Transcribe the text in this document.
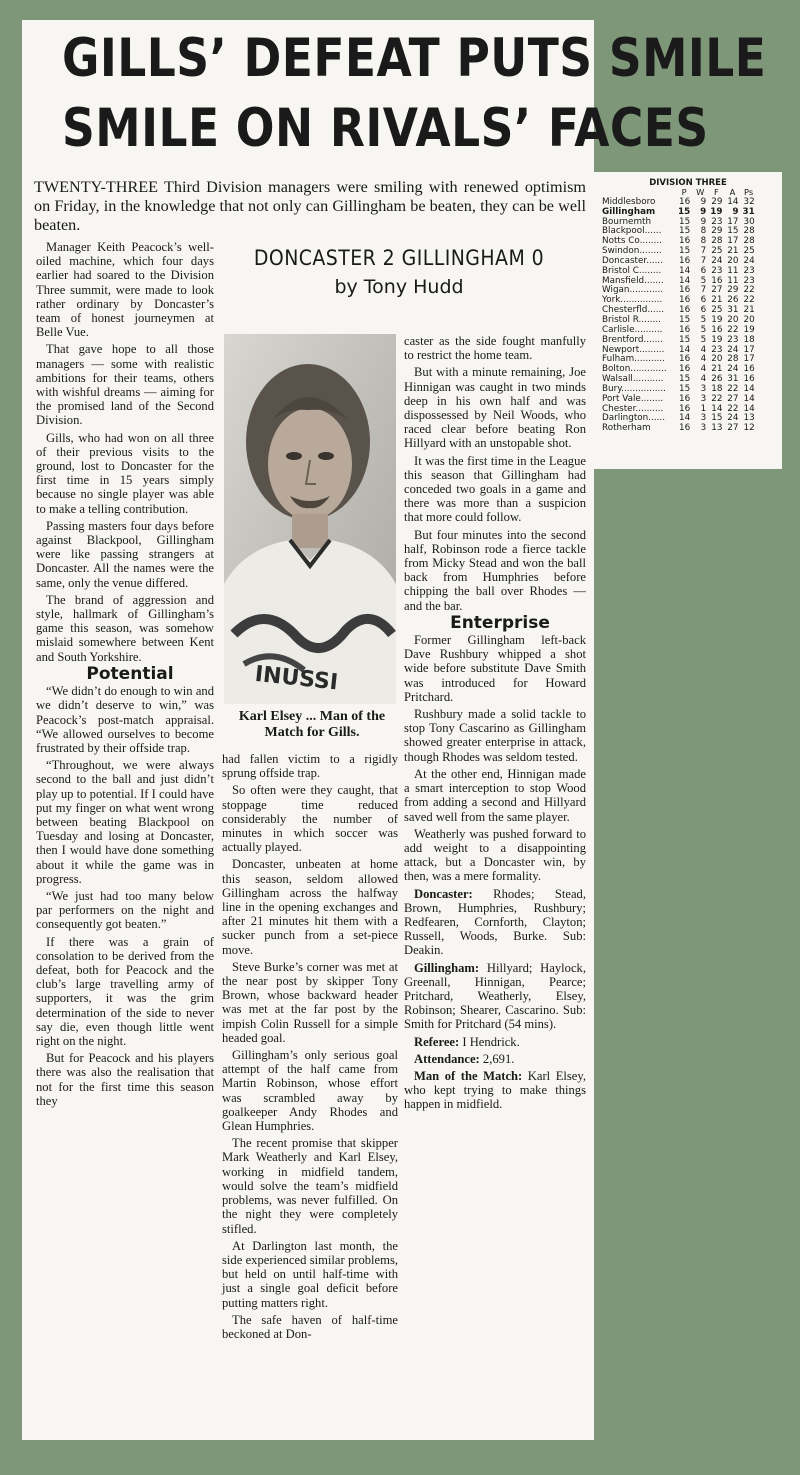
GILLS’ DEFEAT PUTS SMILE
SMILE ON RIVALS’ FACES
TWENTY-THREE Third Division managers were smiling with renewed optimism on Friday, in the knowledge that not only can Gillingham be beaten, they can be well beaten.
DONCASTER 2 GILLINGHAM 0
by Tony Hudd
INUSSI
Karl Elsey ... Man of the Match for Gills.

Manager Keith Peacock’s well-oiled machine, which four days earlier had soared to the Division Three summit, were made to look rather ordinary by Doncaster’s team of honest journeymen at Belle Vue.

That gave hope to all those managers — some with realistic ambitions for their teams, others with wishful dreams — aiming for the promised land of the Second Division.

Gills, who had won on all three of their previous visits to the ground, lost to Doncaster for the first time in 15 years simply because no single player was able to make a telling contribution.

Passing masters four days before against Blackpool, Gillingham were like passing strangers at Doncaster. All the names were the same, only the venue differed.

The brand of aggression and style, hallmark of Gillingham’s game this season, was somehow mislaid somewhere between Kent and South Yorkshire.

Potential

“We didn’t do enough to win and we didn’t deserve to win,” was Peacock’s post-match appraisal. “We allowed ourselves to become frustrated by their offside trap.

“Throughout, we were always second to the ball and just didn’t play up to potential. If I could have put my finger on what went wrong between beating Blackpool on Tuesday and losing at Doncaster, then I would have done something about it while the game was in progress.

“We just had too many below par performers on the night and consequently got beaten.”

If there was a grain of consolation to be derived from the defeat, both for Peacock and the club’s large travelling army of supporters, it was the grim determination of the side to never say die, even though little went right on the night.

But for Peacock and his players there was also the realisation that not for the first time this season they

had fallen victim to a rigidly sprung offside trap.

So often were they caught, that stoppage time reduced considerably the number of minutes in which soccer was actually played.

Doncaster, unbeaten at home this season, seldom allowed Gillingham across the halfway line in the opening exchanges and after 21 minutes hit them with a sucker punch from a set-piece move.

Steve Burke’s corner was met at the near post by skipper Tony Brown, whose backward header was met at the far post by the impish Colin Russell for a simple headed goal.

Gillingham’s only serious goal attempt of the half came from Martin Robinson, whose effort was scrambled away by goalkeeper Andy Rhodes and Glean Humphries.

The recent promise that skipper Mark Weatherly and Karl Elsey, working in midfield tandem, would solve the team’s midfield problems, was never fulfilled. On the night they were completely stifled.

At Darlington last month, the side experienced similar problems, but held on until half-time with just a single goal deficit before putting matters right.

The safe haven of half-time beckoned at Don-

caster as the side fought manfully to restrict the home team.

But with a minute remaining, Joe Hinnigan was caught in two minds deep in his own half and was dispossessed by Neil Woods, who raced clear before beating Ron Hillyard with an unstopable shot.

It was the first time in the League this season that Gillingham had conceded two goals in a game and there was more than a suspicion that more could follow.

But four minutes into the second half, Robinson rode a fierce tackle from Micky Stead and won the ball back from Humphries before chipping the ball over Rhodes — and the bar.

Enterprise

Former Gillingham left-back Dave Rushbury whipped a shot wide before substitute Dave Smith was introduced for Howard Pritchard.

Rushbury made a solid tackle to stop Tony Cascarino as Gillingham showed greater enterprise in attack, though Rhodes was seldom tested.

At the other end, Hinnigan made a smart interception to stop Wood from adding a second and Hillyard saved well from the same player.

Weatherly was pushed forward to add weight to a disappointing attack, but a Doncaster win, by then, was a mere formality.

Doncaster: Rhodes; Stead, Brown, Humphries, Rushbury; Redfearen, Cornforth, Clayton; Russell, Woods, Burke. Sub: Deakin.

Gillingham: Hillyard; Haylock, Greenall, Hinnigan, Pearce; Pritchard, Weatherly, Elsey, Robinson; Shearer, Cascarino. Sub: Smith for Pritchard (54 mins).

Referee: I Hendrick.

Attendance: 2,691.

Man of the Match: Karl Elsey, who kept trying to make things happen in midfield.

DIVISION THREE
	P	W	F	A	Ps
Middlesboro	16	9	29	14	32
Gillingham	15	9	19	9	31
Bournemth	15	9	23	17	30
Blackpool......	15	8	29	15	28
Notts Co........	16	8	28	17	28
Swindon........	15	7	25	21	25
Doncaster......	16	7	24	20	24
Bristol C........	14	6	23	11	23
Mansfield.......	14	5	16	11	23
Wigan............	16	7	27	29	22
York...............	16	6	21	26	22
Chesterfld......	16	6	25	31	21
Bristol R........	15	5	19	20	20
Carlisle..........	16	5	16	22	19
Brentford.......	15	5	19	23	18
Newport.........	14	4	23	24	17
Fulham...........	16	4	20	28	17
Bolton.............	16	4	21	24	16
Walsall...........	15	4	26	31	16
Bury................	15	3	18	22	14
Port Vale........	16	3	22	27	14
Chester..........	16	1	14	22	14
Darlington......	14	3	15	24	13
Rotherham	16	3	13	27	12
